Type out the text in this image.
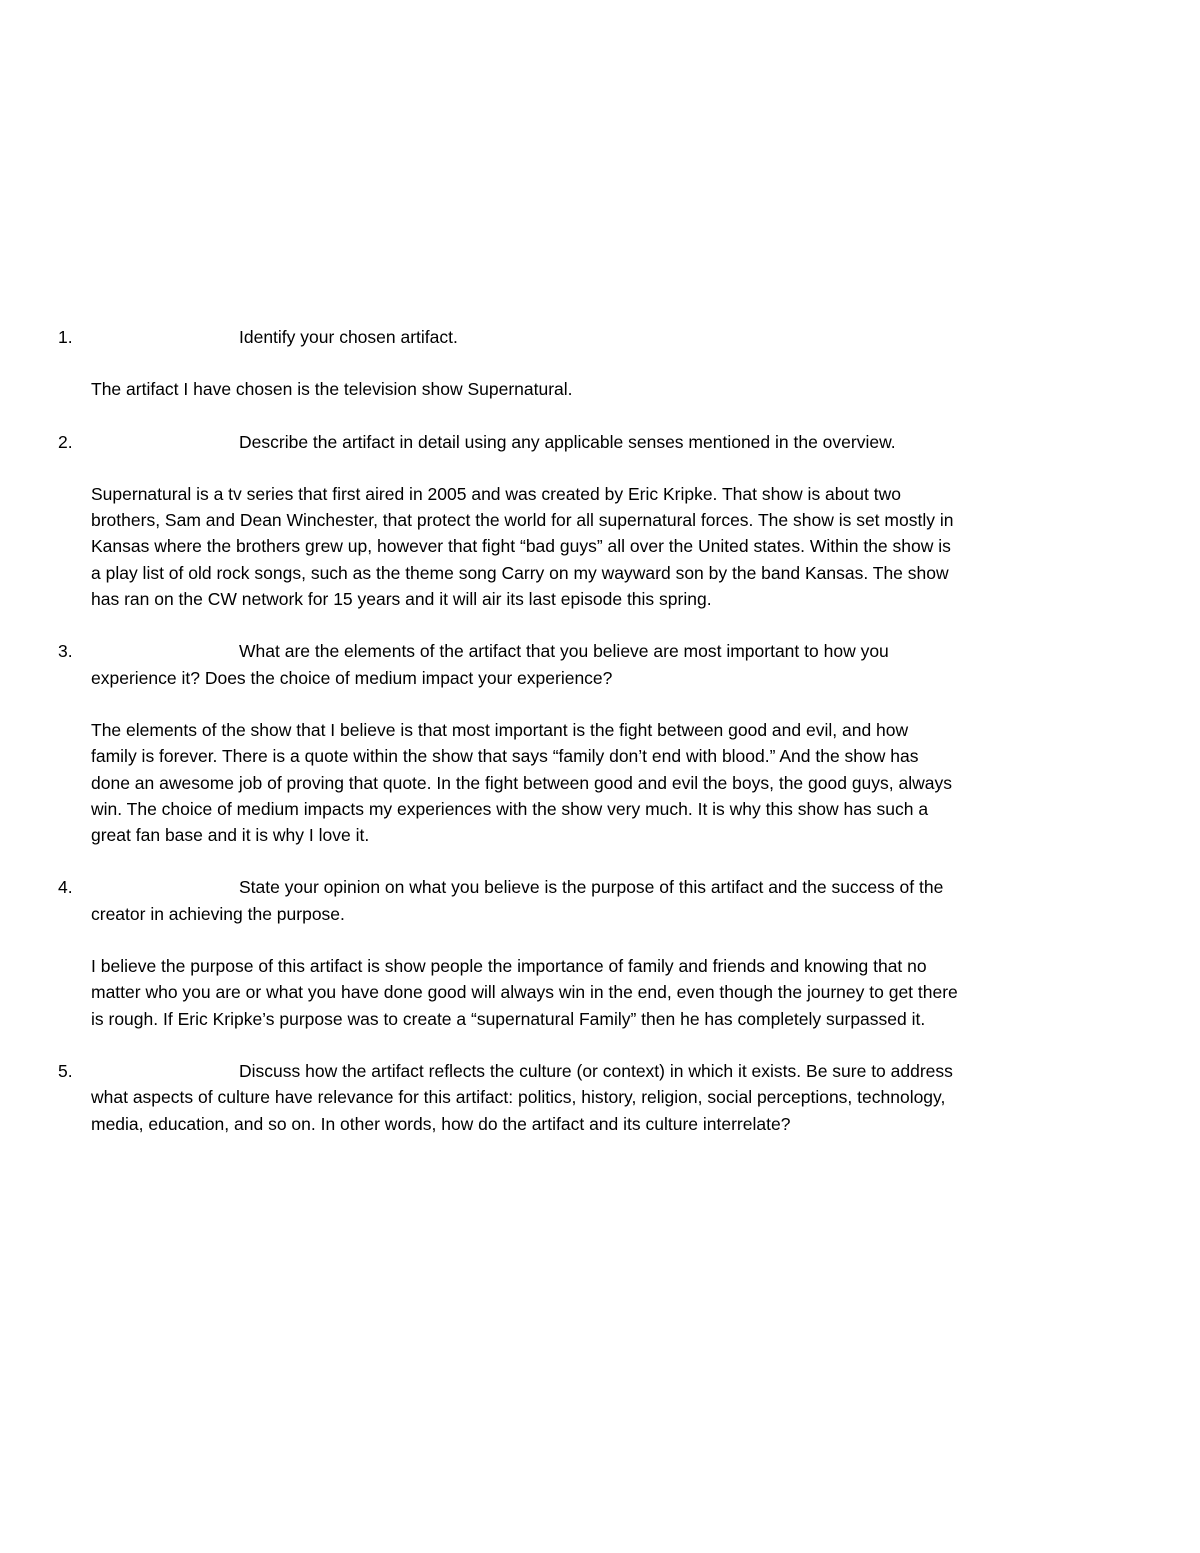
1.	Identify your chosen artifact.

The artifact I have chosen is the television show Supernatural.

2.	Describe the artifact in detail using any applicable senses mentioned in the overview.

Supernatural is a tv series that first aired in 2005 and was created by Eric Kripke. That show is about two brothers, Sam and Dean Winchester, that protect the world for all supernatural forces. The show is set mostly in Kansas where the brothers grew up, however that fight “bad guys” all over the United states. Within the show is a play list of old rock songs, such as the theme song Carry on my wayward son by the band Kansas. The show has ran on the CW network for 15 years and it will air its last episode this spring.

3.	What are the elements of the artifact that you believe are most important to how you experience it? Does the choice of medium impact your experience?

The elements of the show that I believe is that most important is the fight between good and evil, and how family is forever. There is a quote within the show that says “family don’t end with blood.” And the show has done an awesome job of proving that quote. In the fight between good and evil the boys, the good guys, always win. The choice of medium impacts my experiences with the show very much. It is why this show has such a great fan base and it is why I love it.

4.	State your opinion on what you believe is the purpose of this artifact and the success of the creator in achieving the purpose.

I believe the purpose of this artifact is show people the importance of family and friends and knowing that no matter who you are or what you have done good will always win in the end, even though the journey to get there is rough. If Eric Kripke’s purpose was to create a “supernatural Family” then he has completely surpassed it.

5.	Discuss how the artifact reflects the culture (or context) in which it exists. Be sure to address what aspects of culture have relevance for this artifact: politics, history, religion, social perceptions, technology, media, education, and so on. In other words, how do the artifact and its culture interrelate?
